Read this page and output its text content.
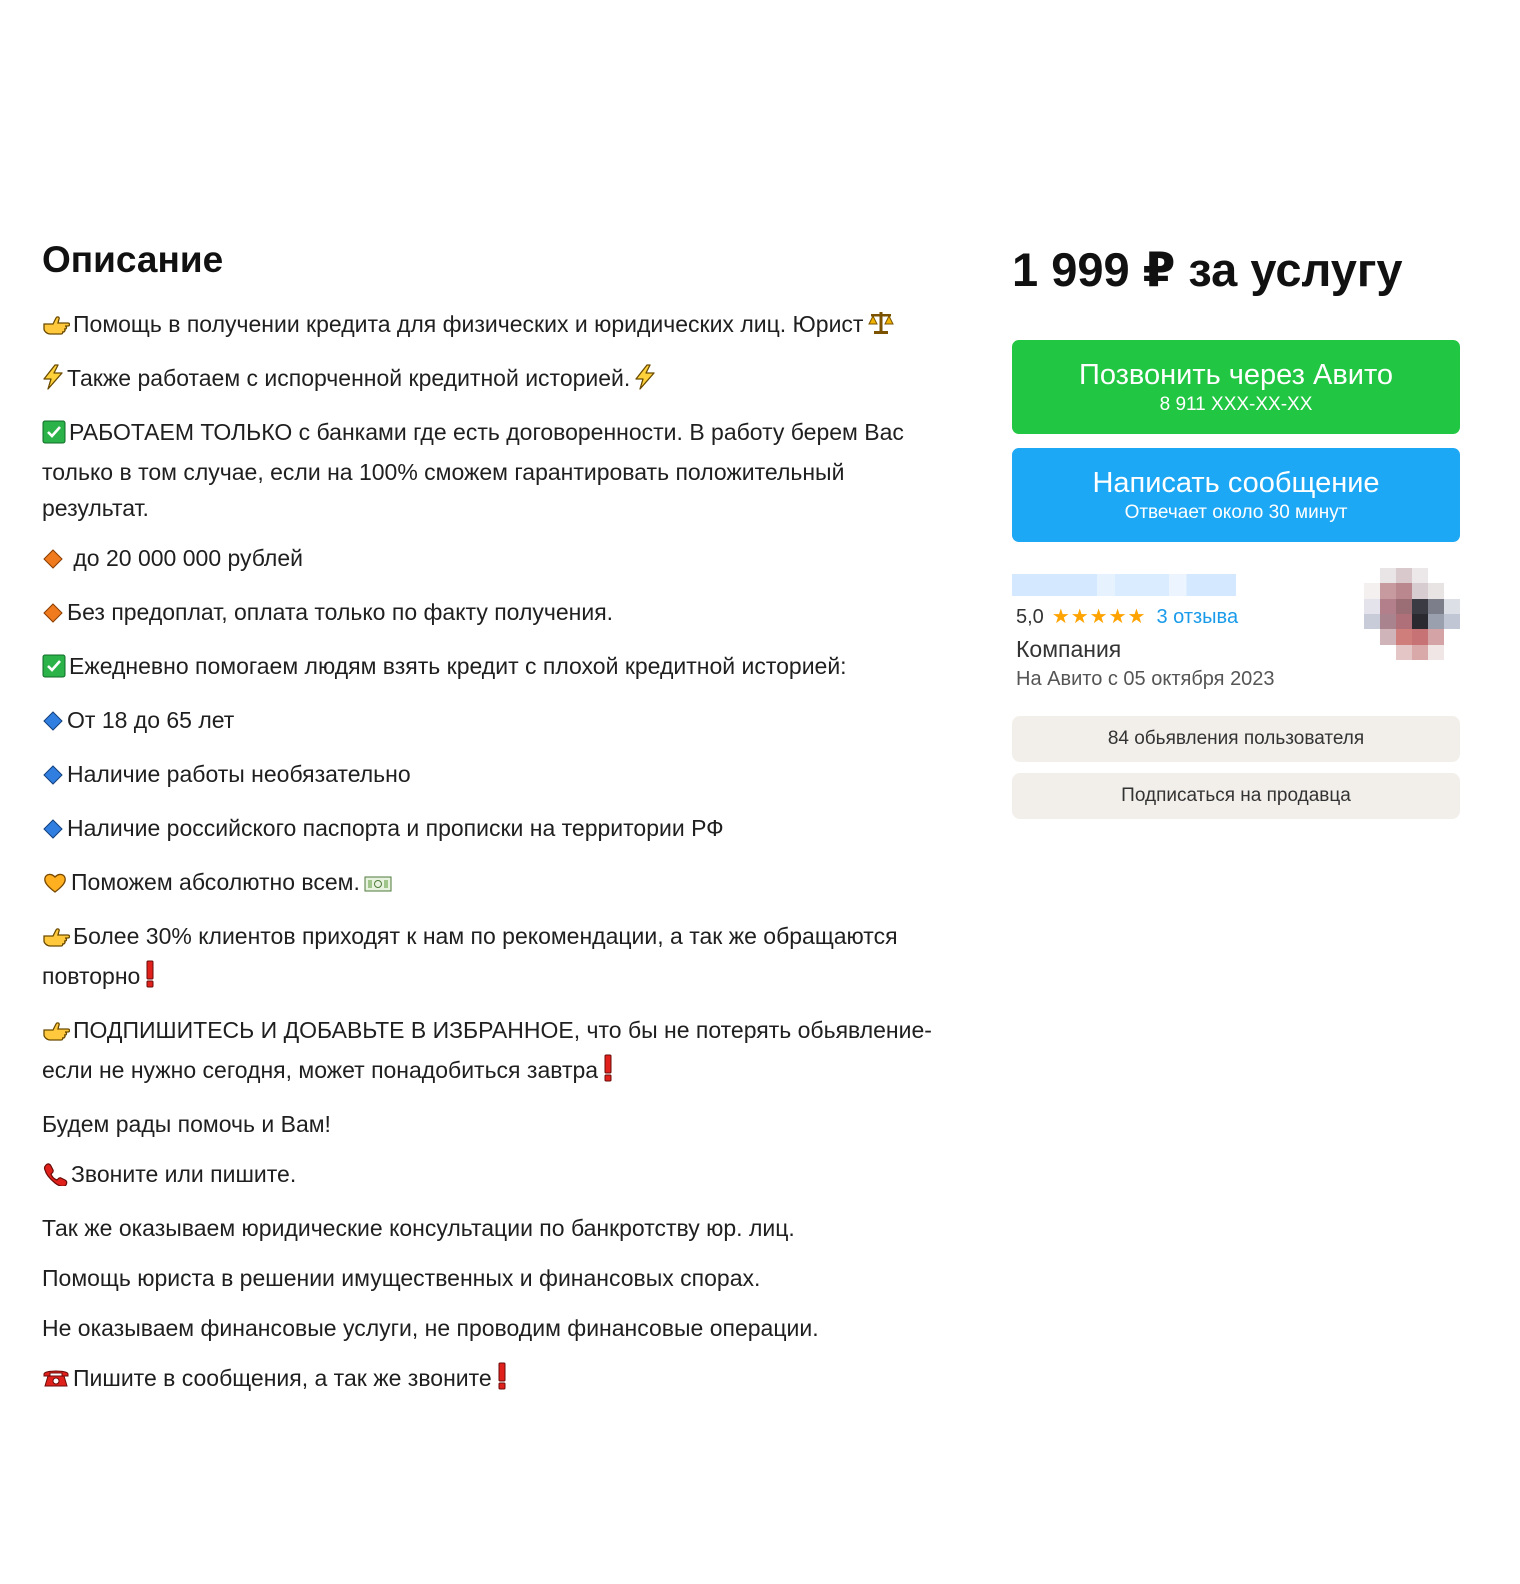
Описание

Помощь в получении кредита для физических и юридических лиц. Юрист

Также работаем с испорченной кредитной историей.

РАБОТАЕМ ТОЛЬКО с банками где есть договоренности. В работу берем Вас только в том случае, если на 100% сможем гарантировать положительный результат.

до 20 000 000 рублей

Без предоплат, оплата только по факту получения.

Ежедневно помогаем людям взять кредит с плохой кредитной историей:

От 18 до 65 лет

Наличие работы необязательно

Наличие российского паспорта и прописки на территории РФ

Поможем абсолютно всем.

Более 30% клиентов приходят к нам по рекомендации, а так же обращаются повторно

ПОДПИШИТЕСЬ И ДОБАВЬТЕ В ИЗБРАННОЕ, что бы не потерять обьявление-если не нужно сегодня, может понадобиться завтра

Будем рады помочь и Вам!

Звоните или пишите.

Так же оказываем юридические консультации по банкротству юр. лиц.

Помощь юриста в решении имущественных и финансовых спорах.

Не оказываем финансовые услуги, не проводим финансовые операции.

Пишите в сообщения, а так же звоните

1 999 ₽ за услугу
Позвонить через Авито
8 911 XXX-XX-XX
Написать сообщение
Отвечает около 30 минут
5,0 ★★★★★ 3 отзыва
Компания
На Авито с 05 октября 2023
84 обьявления пользователя
Подписаться на продавца
